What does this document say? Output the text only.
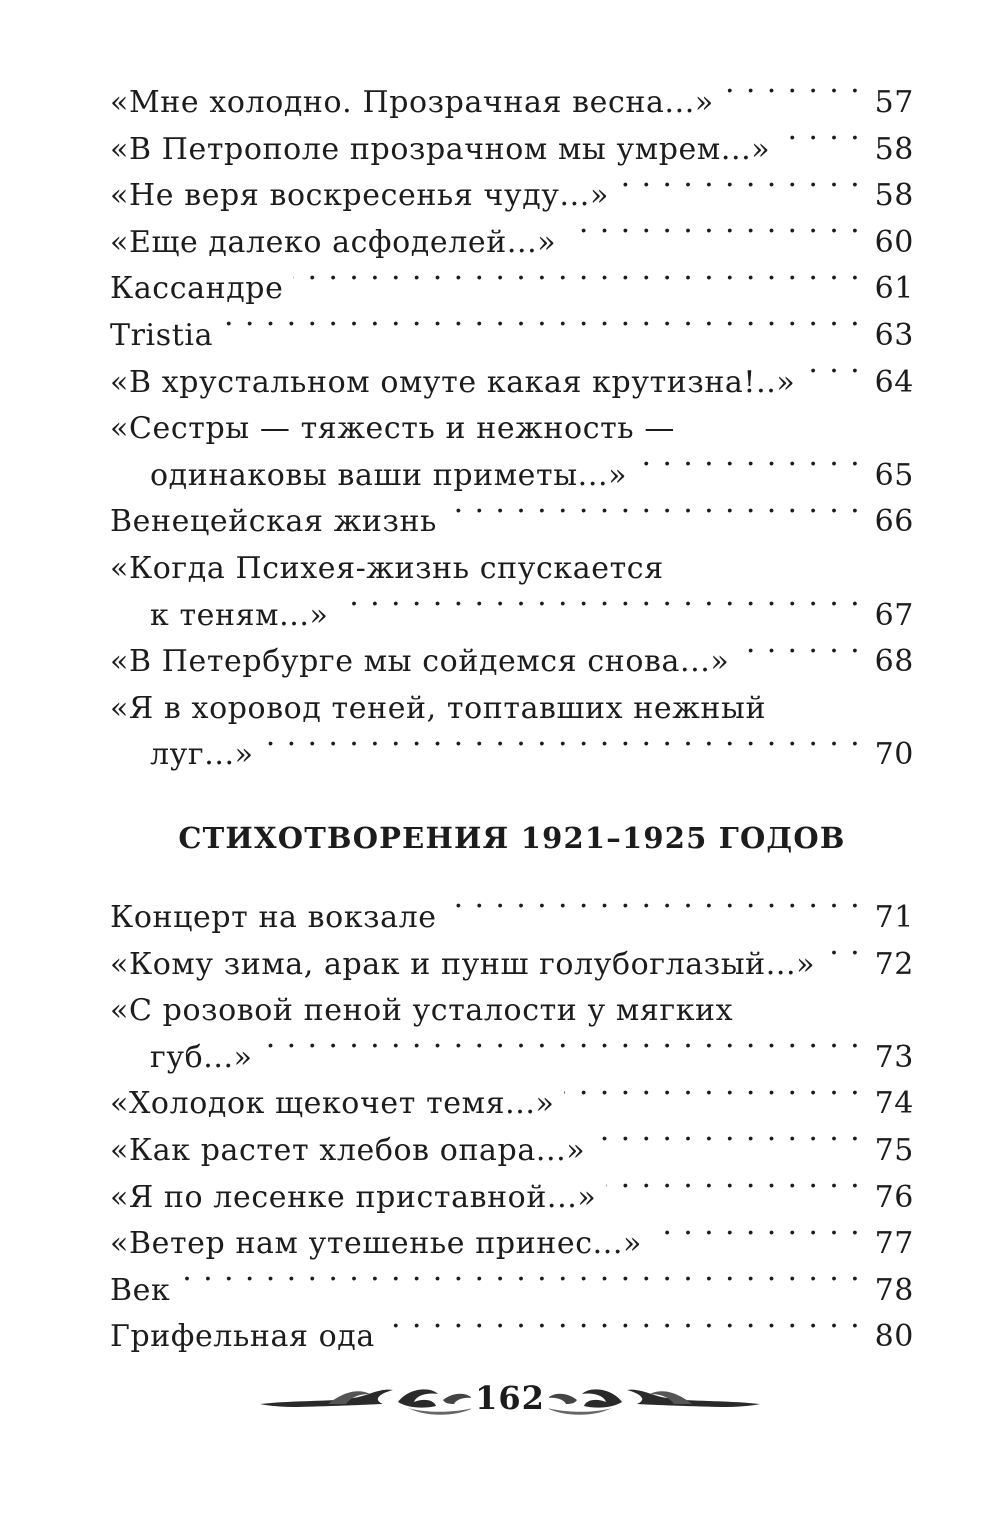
«Мне холодно. Прозрачная весна...» . . .	57
«В Петрополе прозрачном мы умрем...» . . .	58
«Не веря воскресенья чуду...» . . .	58
«Еще далеко асфоделей...» . . .	60
Кассандре . . .	61
Tristia . . .	63
«В хрустальном омуте какая крутизна!..» . . .	64
«Сестры — тяжесть и нежность —
одинаковы ваши приметы...» . . .	65
Венецейская жизнь . . .	66
«Когда Психея-жизнь спускается
к теням...» . . .	67
«В Петербурге мы сойдемся снова...» . . .	68
«Я в хоровод теней, топтавших нежный
луг...» . . .	70
СТИХОТВОРЕНИЯ 1921–1925 ГОДОВ
Концерт на вокзале . . .	71
«Кому зима, арак и пунш голубоглазый...» . . . 72
«С розовой пеной усталости у мягких
губ...» . . .	73
«Холодок щекочет темя...» . . .	74
«Как растет хлебов опара...» . . .	75
«Я по лесенке приставной...» . . .	76
«Ветер нам утешенье принес...» . . .	77
Век . . .	78
Грифельная ода . . .	80
162
